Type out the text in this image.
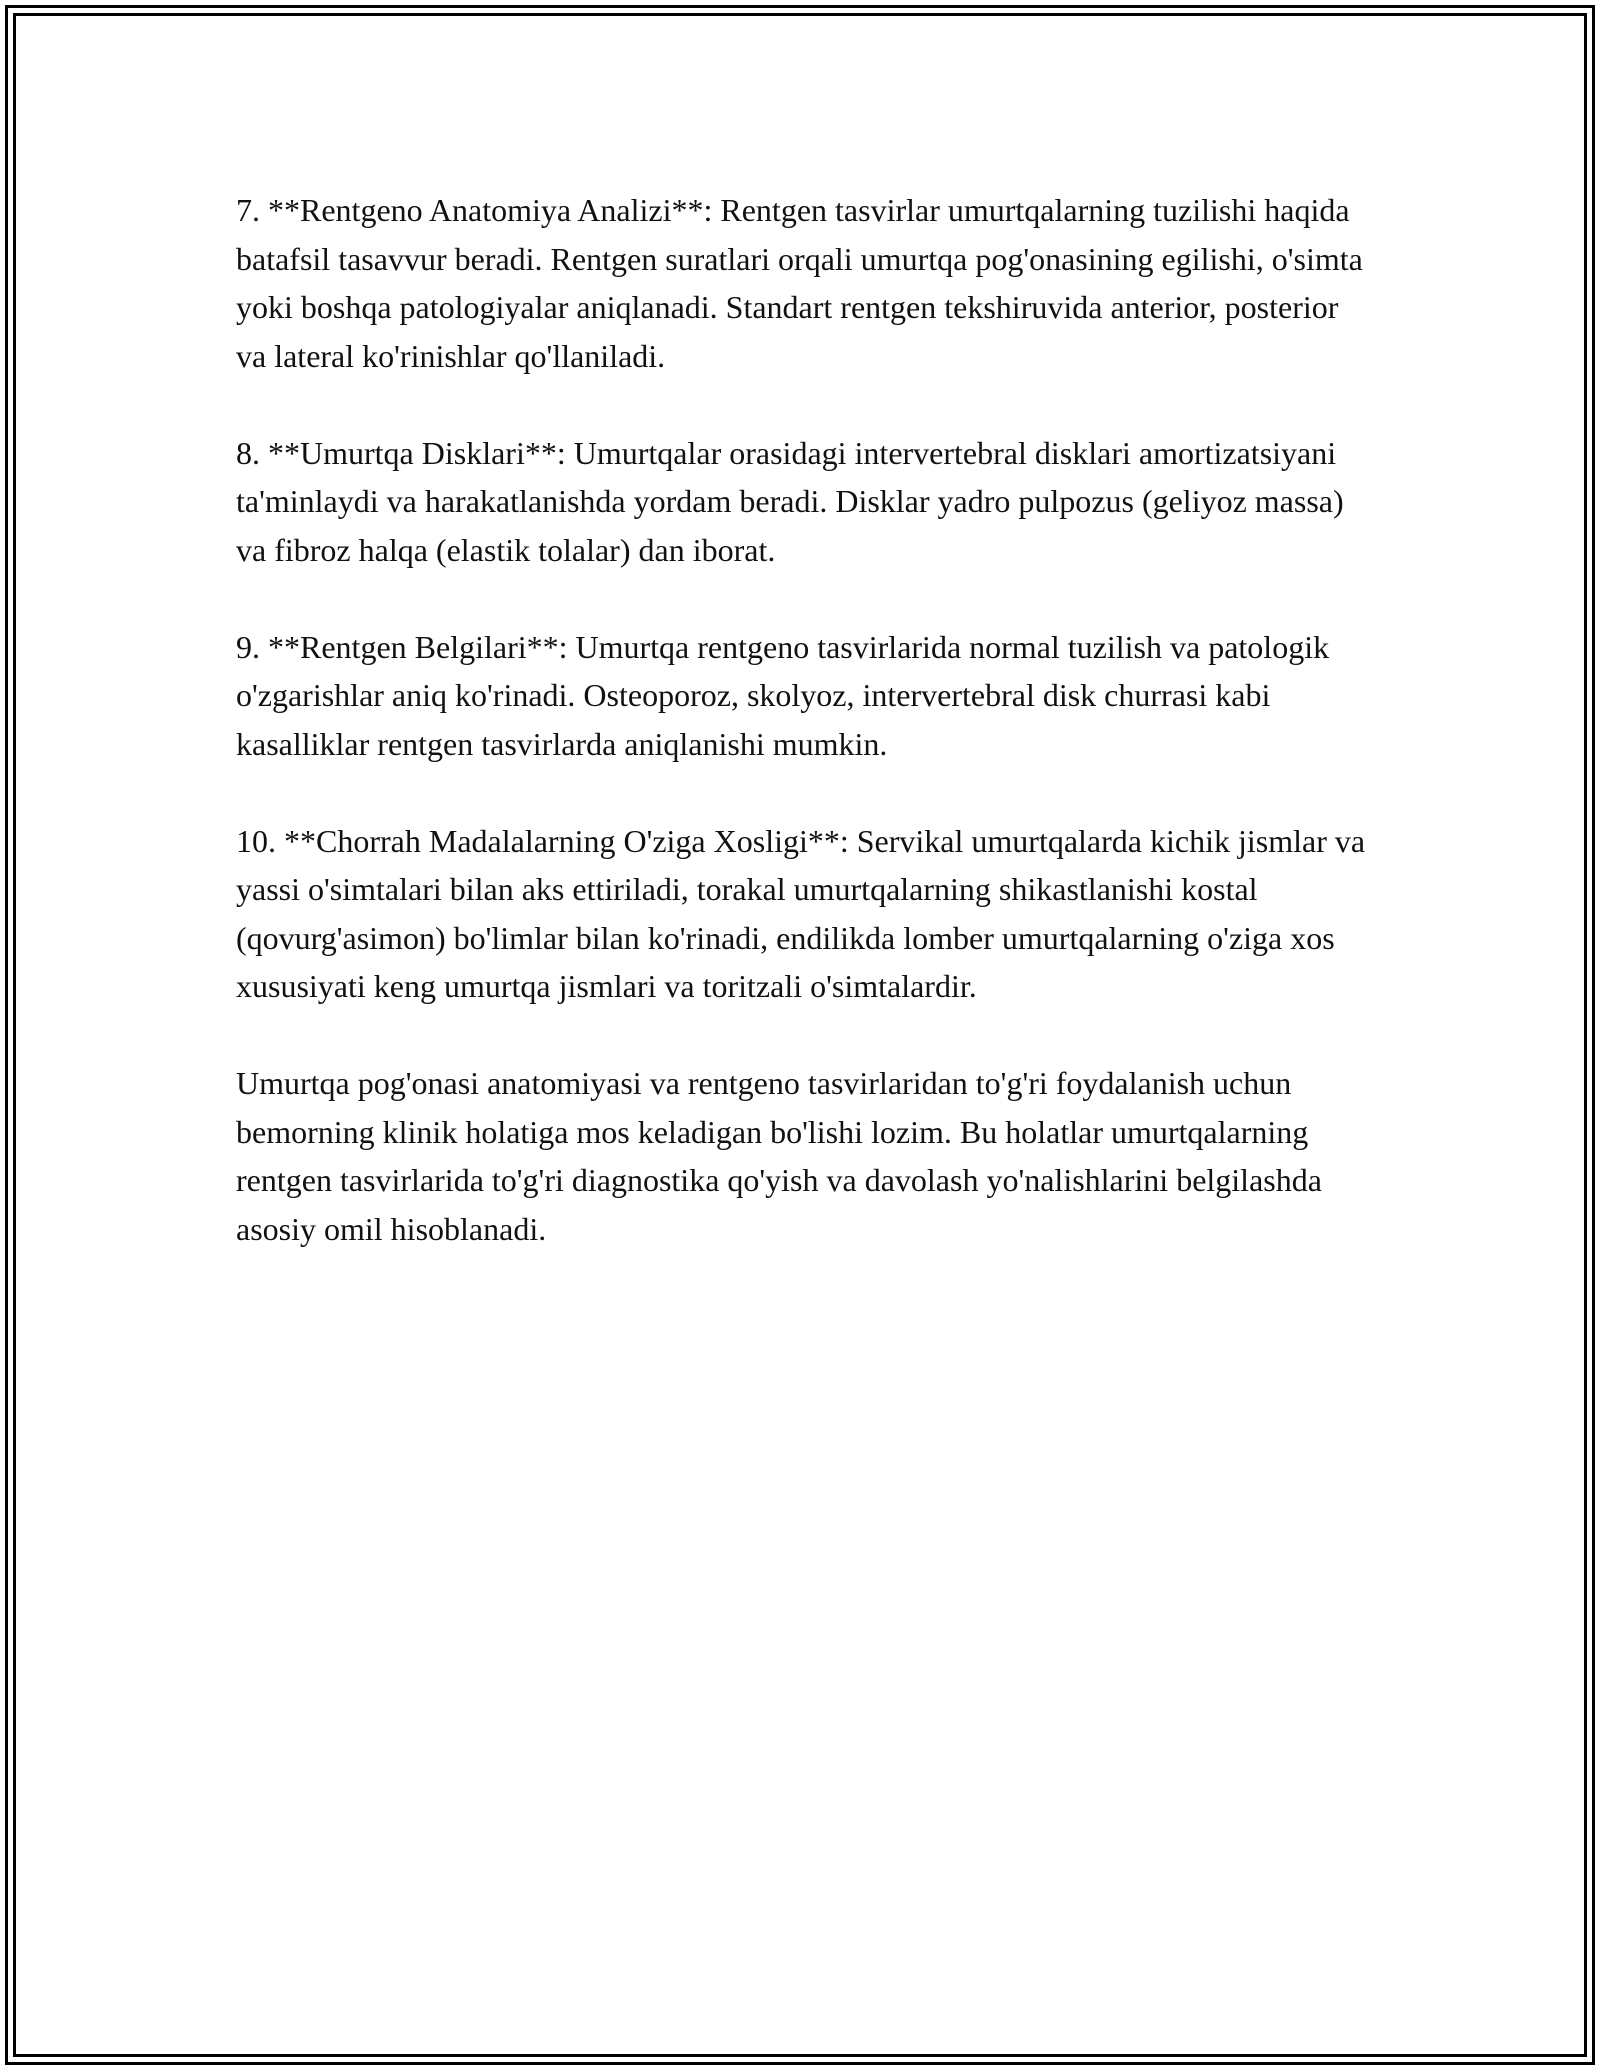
7. **Rentgeno Anatomiya Analizi**: Rentgen tasvirlar umurtqalarning tuzilishi haqida batafsil tasavvur beradi. Rentgen suratlari orqali umurtqa pog'onasining egilishi, o'simta yoki boshqa patologiyalar aniqlanadi. Standart rentgen tekshiruvida anterior, posterior va lateral ko'rinishlar qo'llaniladi.

8. **Umurtqa Disklari**: Umurtqalar orasidagi intervertebral disklari amortizatsiyani ta'minlaydi va harakatlanishda yordam beradi. Disklar yadro pulpozus (geliyoz massa) va fibroz halqa (elastik tolalar) dan iborat.

9. **Rentgen Belgilari**: Umurtqa rentgeno tasvirlarida normal tuzilish va patologik o'zgarishlar aniq ko'rinadi. Osteoporoz, skolyoz, intervertebral disk churrasi kabi kasalliklar rentgen tasvirlarda aniqlanishi mumkin.

10. **Chorrah Madalalarning O'ziga Xosligi**: Servikal umurtqalarda kichik jismlar va yassi o'simtalari bilan aks ettiriladi, torakal umurtqalarning shikastlanishi kostal (qovurg'asimon) bo'limlar bilan ko'rinadi, endilikda lomber umurtqalarning o'ziga xos xususiyati keng umurtqa jismlari va toritzali o'simtalardir.

Umurtqa pog'onasi anatomiyasi va rentgeno tasvirlaridan to'g'ri foydalanish uchun bemorning klinik holatiga mos keladigan bo'lishi lozim. Bu holatlar umurtqalarning rentgen tasvirlarida to'g'ri diagnostika qo'yish va davolash yo'nalishlarini belgilashda asosiy omil hisoblanadi.
